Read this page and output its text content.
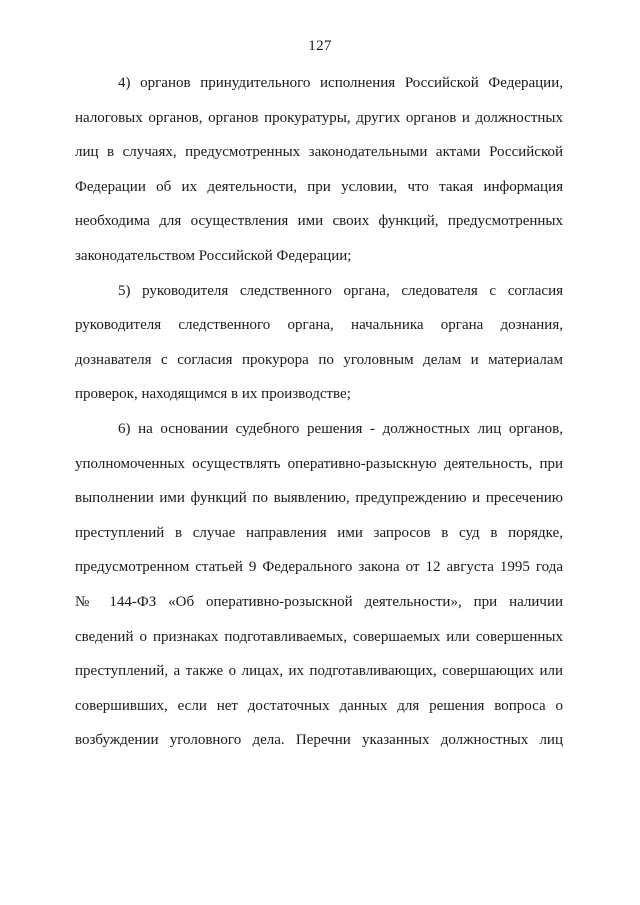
127
4) органов принудительного исполнения Российской Федерации,
налоговых органов, органов прокуратуры, других органов и должностных
лиц в случаях, предусмотренных законодательными актами Российской
Федерации об их деятельности, при условии, что такая информация
необходима для осуществления ими своих функций, предусмотренных
законодательством Российской Федерации;
5) руководителя следственного органа, следователя с согласия
руководителя следственного органа, начальника органа дознания,
дознавателя с согласия прокурора по уголовным делам и материалам
проверок, находящимся в их производстве;
6) на основании судебного решения - должностных лиц органов,
уполномоченных осуществлять оперативно-разыскную деятельность, при
выполнении ими функций по выявлению, предупреждению и пресечению
преступлений в случае направления ими запросов в суд в порядке,
предусмотренном статьей 9 Федерального закона от 12 августа 1995 года
№ 144-ФЗ «Об оперативно-розыскной деятельности», при наличии
сведений о признаках подготавливаемых, совершаемых или совершенных
преступлений, а также о лицах, их подготавливающих, совершающих или
совершивших, если нет достаточных данных для решения вопроса о
возбуждении уголовного дела. Перечни указанных должностных лиц
